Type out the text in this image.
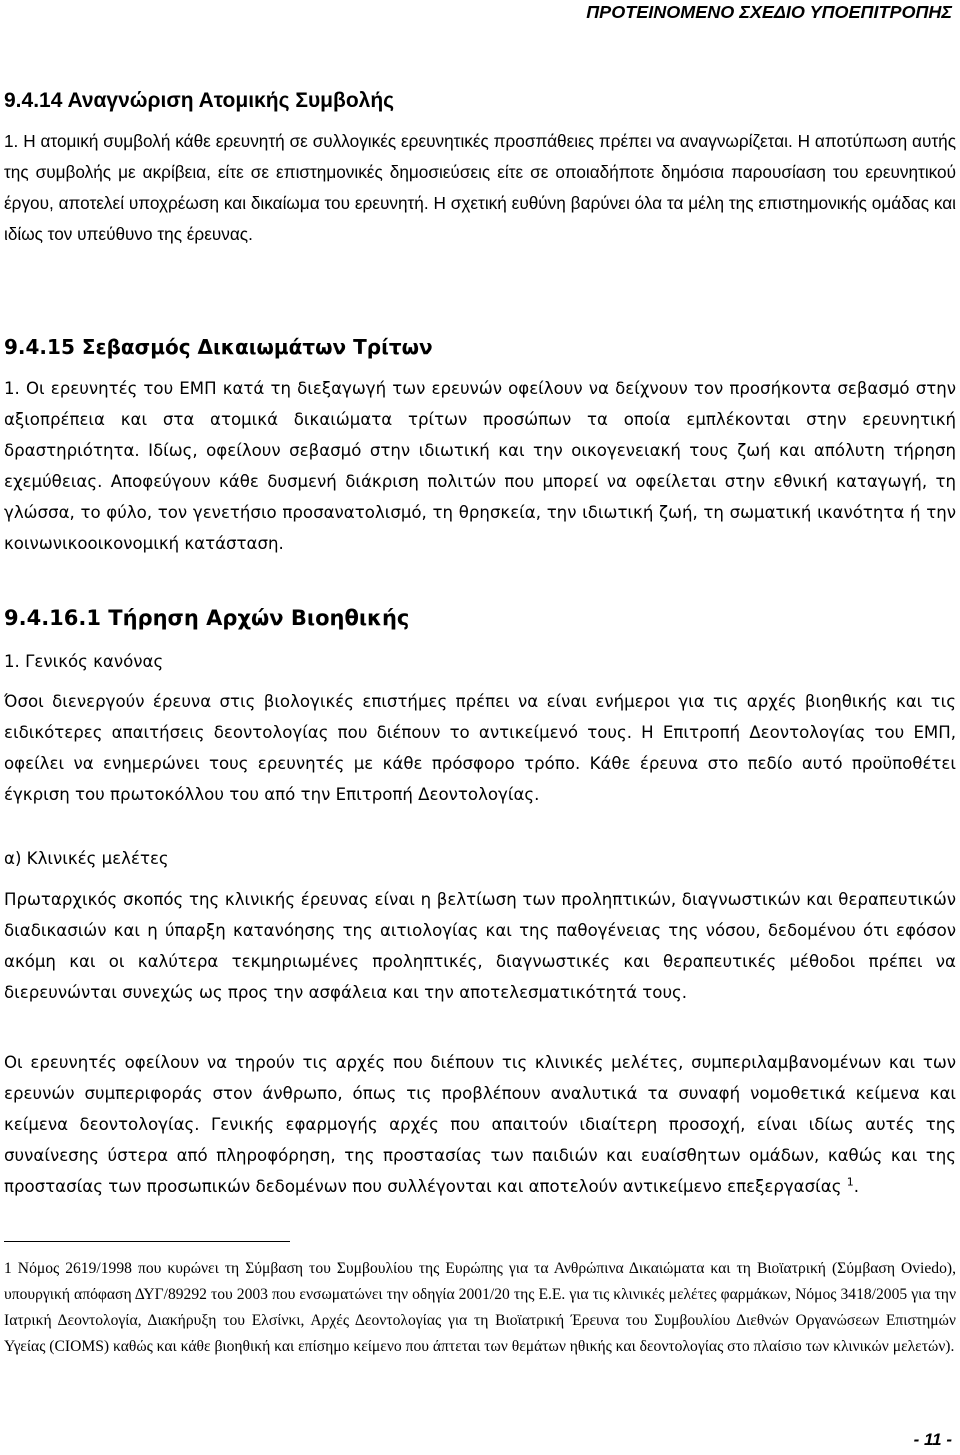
ΠΡΟΤΕΙΝΟΜΕΝΟ ΣΧΕΔΙΟ ΥΠΟΕΠΙΤΡΟΠΗΣ
9.4.14 Αναγνώριση Ατομικής Συμβολής

1. Η ατομική συμβολή κάθε ερευνητή σε συλλογικές ερευνητικές προσπάθειες πρέπει να αναγνωρίζεται. Η αποτύπωση αυτής της συμβολής με ακρίβεια, είτε σε επιστημονικές δημοσιεύσεις είτε σε οποιαδήποτε δημόσια παρουσίαση του ερευνητικού έργου, αποτελεί υποχρέωση και δικαίωμα του ερευνητή. Η σχετική ευθύνη βαρύνει όλα τα μέλη της επιστημονικής ομάδας και ιδίως τον υπεύθυνο της έρευνας.

9.4.15 Σεβασμός Δικαιωμάτων Τρίτων

1. Οι ερευνητές του ΕΜΠ κατά τη διεξαγωγή των ερευνών οφείλουν να δείχνουν τον προσήκοντα σεβασμό στην αξιοπρέπεια και στα ατομικά δικαιώματα τρίτων προσώπων τα οποία εμπλέκονται στην ερευνητική δραστηριότητα. Ιδίως, οφείλουν σεβασμό στην ιδιωτική και την οικογενειακή τους ζωή και απόλυτη τήρηση εχεμύθειας. Αποφεύγουν κάθε δυσμενή διάκριση πολιτών που μπορεί να οφείλεται στην εθνική καταγωγή, τη γλώσσα, το φύλο, τον γενετήσιο προσανατολισμό, τη θρησκεία, την ιδιωτική ζωή, τη σωματική ικανότητα ή την κοινωνικοοικονομική κατάσταση.

9.4.16.1 Τήρηση Αρχών Βιοηθικής
1. Γενικός κανόνας

Όσοι διενεργούν έρευνα στις βιολογικές επιστήμες πρέπει να είναι ενήμεροι για τις αρχές βιοηθικής και τις ειδικότερες απαιτήσεις δεοντολογίας που διέπουν το αντικείμενό τους. Η Επιτροπή Δεοντολογίας του ΕΜΠ, οφείλει να ενημερώνει τους ερευνητές με κάθε πρόσφορο τρόπο. Κάθε έρευνα στο πεδίο αυτό προϋποθέτει έγκριση του πρωτοκόλλου του από την Επιτροπή Δεοντολογίας.

α) Κλινικές μελέτες

Πρωταρχικός σκοπός της κλινικής έρευνας είναι η βελτίωση των προληπτικών, διαγνωστικών και θεραπευτικών διαδικασιών και η ύπαρξη κατανόησης της αιτιολογίας και της παθογένειας της νόσου, δεδομένου ότι εφόσον ακόμη και οι καλύτερα τεκμηριωμένες προληπτικές, διαγνωστικές και θεραπευτικές μέθοδοι πρέπει να διερευνώνται συνεχώς ως προς την ασφάλεια και την αποτελεσματικότητά τους.

Οι ερευνητές οφείλουν να τηρούν τις αρχές που διέπουν τις κλινικές μελέτες, συμπεριλαμβανομένων και των ερευνών συμπεριφοράς στον άνθρωπο, όπως τις προβλέπουν αναλυτικά τα συναφή νομοθετικά κείμενα και κείμενα δεοντολογίας. Γενικής εφαρμογής αρχές που απαιτούν ιδιαίτερη προσοχή, είναι ιδίως αυτές της συναίνεσης ύστερα από πληροφόρηση, της προστασίας των παιδιών και ευαίσθητων ομάδων, καθώς και της προστασίας των προσωπικών δεδομένων που συλλέγονται και αποτελούν αντικείμενο επεξεργασίας $^1$.

1 Νόμος 2619/1998 που κυρώνει τη Σύμβαση του Συμβουλίου της Ευρώπης για τα Ανθρώπινα Δικαιώματα και τη Βιοϊατρική (Σύμβαση Oviedo), υπουργική απόφαση ΔΥΓ/89292 του 2003 που ενσωματώνει την οδηγία 2001/20 της Ε.Ε. για τις κλινικές μελέτες φαρμάκων, Νόμος 3418/2005 για την Ιατρική Δεοντολογία, Διακήρυξη του Ελσίνκι, Αρχές Δεοντολογίας για τη Βιοϊατρική Έρευνα του Συμβουλίου Διεθνών Οργανώσεων Επιστημών Υγείας (CIOMS) καθώς και κάθε βιοηθική και επίσημο κείμενο που άπτεται των θεμάτων ηθικής και δεοντολογίας στο πλαίσιο των κλινικών μελετών).

- 11 -
